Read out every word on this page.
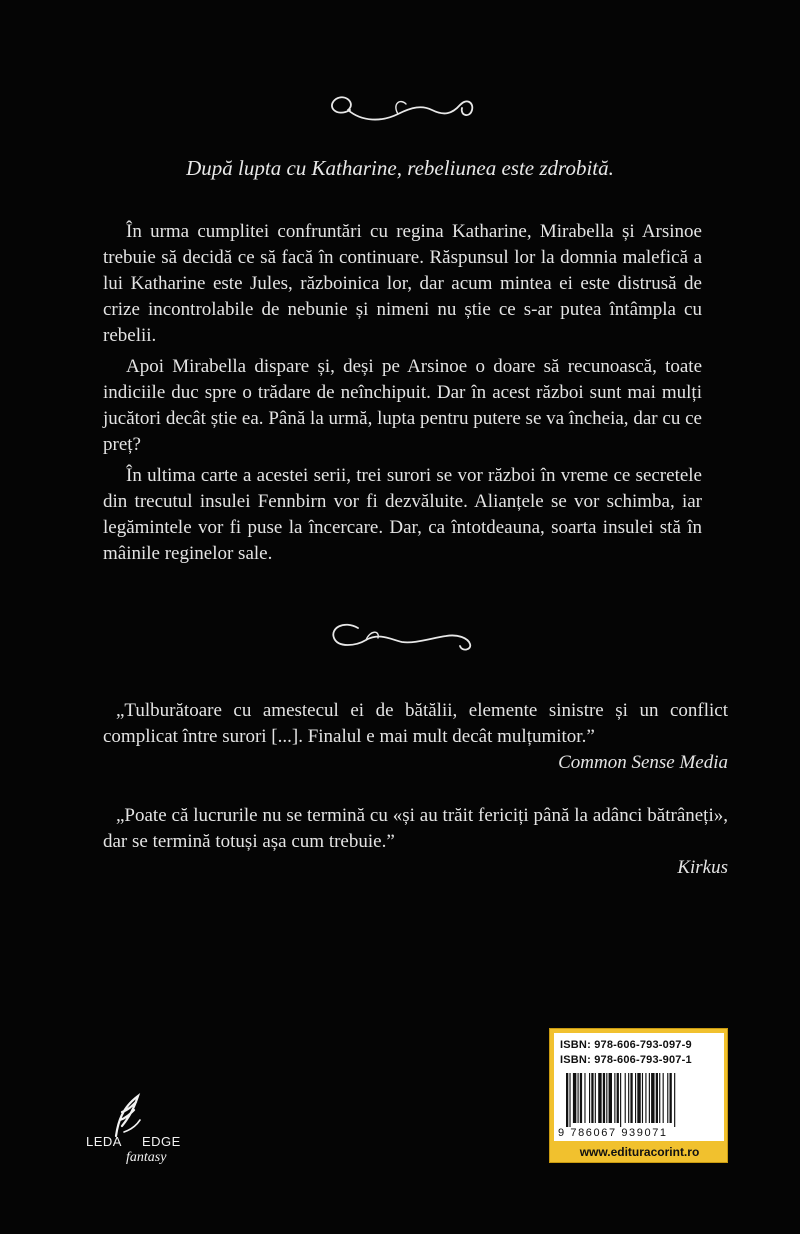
După lupta cu Katharine, rebeliunea este zdrobită.

În urma cumplitei confruntări cu regina Katharine, Mirabella și Arsinoe trebuie să decidă ce să facă în continuare. Răspunsul lor la domnia malefică a lui Katharine este Jules, războinica lor, dar acum mintea ei este distrusă de crize incontrolabile de nebunie și nimeni nu știe ce s-ar putea întâmpla cu rebelii.

Apoi Mirabella dispare și, deși pe Arsinoe o doare să recunoască, toate indiciile duc spre o trădare de neînchipuit. Dar în acest război sunt mai mulți jucători decât știe ea. Până la urmă, lupta pentru putere se va încheia, dar cu ce preț?

În ultima carte a acestei serii, trei surori se vor război în vreme ce secretele din trecutul insulei Fennbirn vor fi dezvăluite. Alianțele se vor schimba, iar legămintele vor fi puse la încercare. Dar, ca întotdeauna, soarta insulei stă în mâinile reginelor sale.

„Tulburătoare cu amestecul ei de bătălii, elemente sinistre și un conflict complicat între surori [...]. Finalul e mai mult decât mulțumitor.”

Common Sense Media

„Poate că lucrurile nu se termină cu «și au trăit fericiți până la adânci bătrâneți», dar se termină totuși așa cum trebuie.”

Kirkus

LEDA EDGE
fantasy
ISBN: 978-606-793-097-9
ISBN: 978-606-793-907-1
9 786067 939071
www.edituracorint.ro
